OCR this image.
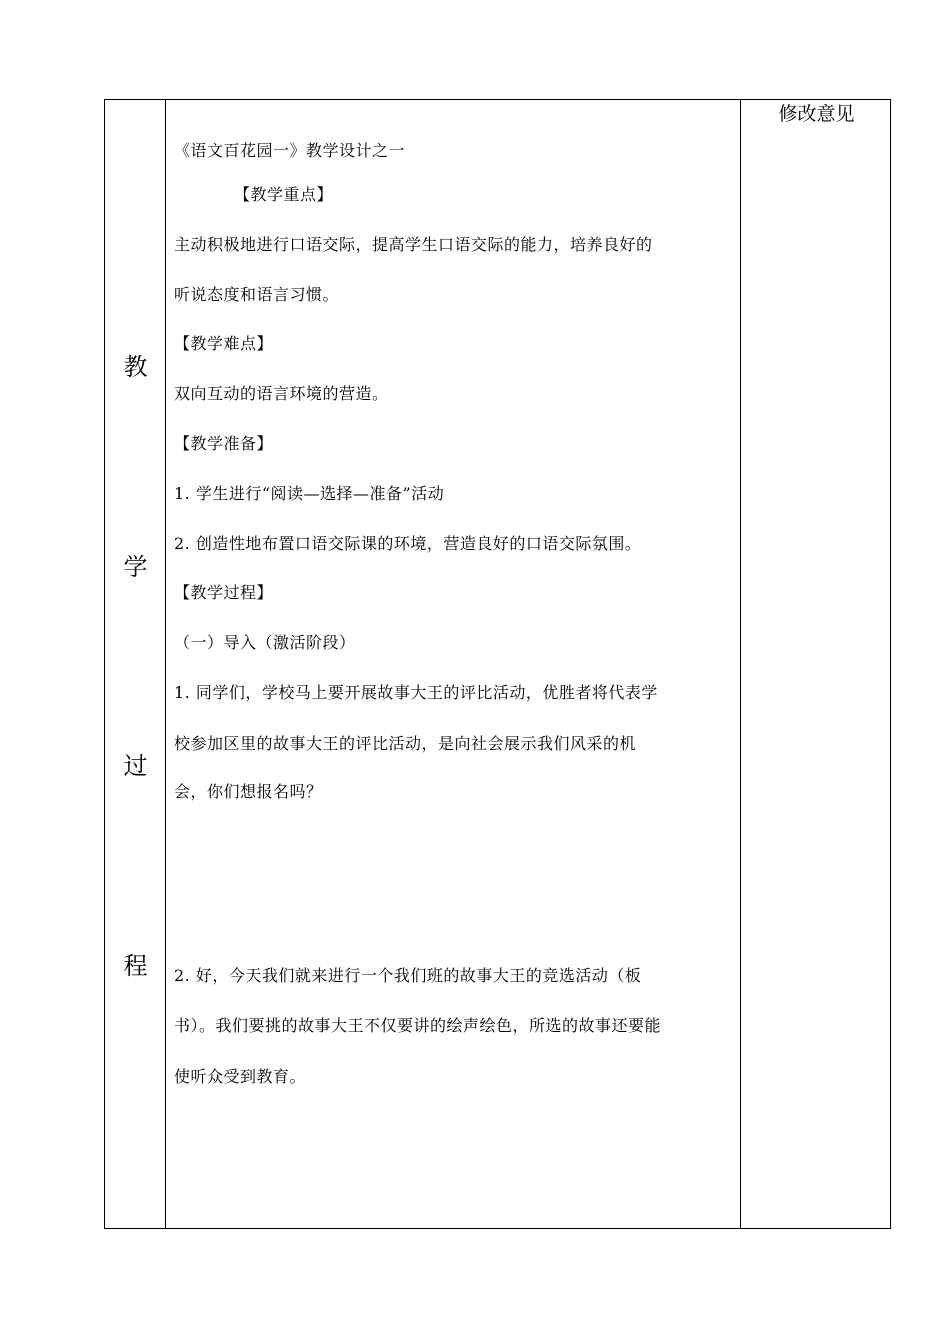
教
学
过
程
修改意见
《语文百花园一》教学设计之一
【教学重点】
主动积极地进行口语交际，提高学生口语交际的能力，培养良好的
听说态度和语言习惯。
【教学难点】
双向互动的语言环境的营造。
【教学准备】
1. 学生进行“阅读—选择—准备”活动
2. 创造性地布置口语交际课的环境，营造良好的口语交际氛围。
【教学过程】
（一）导入（激活阶段）
1. 同学们，学校马上要开展故事大王的评比活动，优胜者将代表学
校参加区里的故事大王的评比活动，是向社会展示我们风采的机
会，你们想报名吗？
2. 好，今天我们就来进行一个我们班的故事大王的竞选活动（板
书）。我们要挑的故事大王不仅要讲的绘声绘色，所选的故事还要能
使听众受到教育。
